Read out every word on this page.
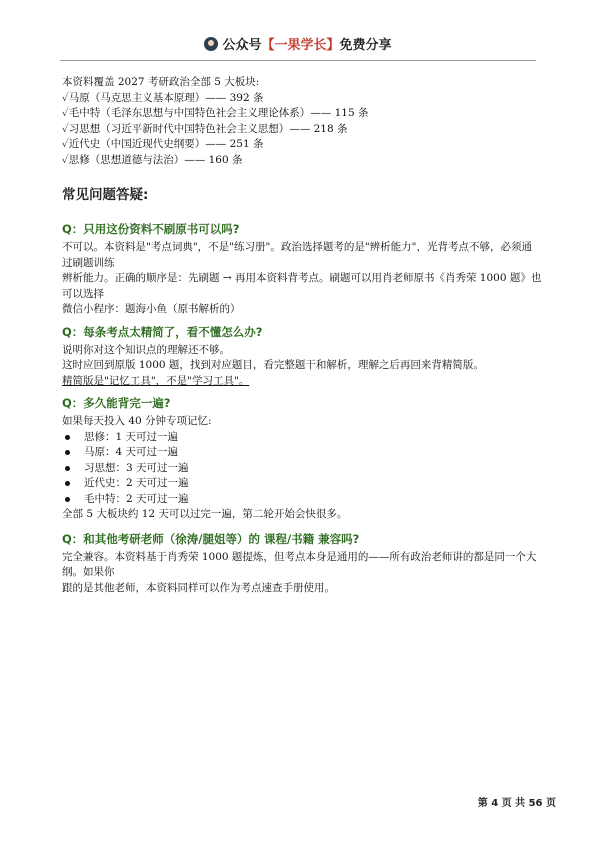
公众号【一果学长】免费分享
本资料覆盖 2027 考研政治全部 5 大板块:
✓马原（马克思主义基本原理）—— 392 条
✓毛中特（毛泽东思想与中国特色社会主义理论体系）—— 115 条
✓习思想（习近平新时代中国特色社会主义思想）—— 218 条
✓近代史（中国近现代史纲要）—— 251 条
✓思修（思想道德与法治）—— 160 条
常见问题答疑:
Q：只用这份资料不刷原书可以吗?
不可以。本资料是"考点词典"，不是"练习册"。政治选择题考的是"辨析能力"，光背考点不够，必须通过刷题训练
辨析能力。正确的顺序是：先刷题 → 再用本资料背考点。刷题可以用肖老师原书《肖秀荣 1000 题》也可以选择
微信小程序：题海小鱼（原书解析的）
Q：每条考点太精简了，看不懂怎么办?
说明你对这个知识点的理解还不够。
这时应回到原版 1000 题，找到对应题目，看完整题干和解析，理解之后再回来背精简版。
精简版是"记忆工具"，不是"学习工具"。
Q：多久能背完一遍?
如果每天投入 40 分钟专项记忆:
思修：1 天可过一遍
马原：4 天可过一遍
习思想：3 天可过一遍
近代史：2 天可过一遍
毛中特：2 天可过一遍
全部 5 大板块约 12 天可以过完一遍，第二轮开始会快很多。
Q：和其他考研老师（徐涛/腿姐等）的 课程/书籍 兼容吗?
完全兼容。本资料基于肖秀荣 1000 题提炼，但考点本身是通用的——所有政治老师讲的都是同一个大纲。如果你
跟的是其他老师，本资料同样可以作为考点速查手册使用。
第 4 页 共 56 页
